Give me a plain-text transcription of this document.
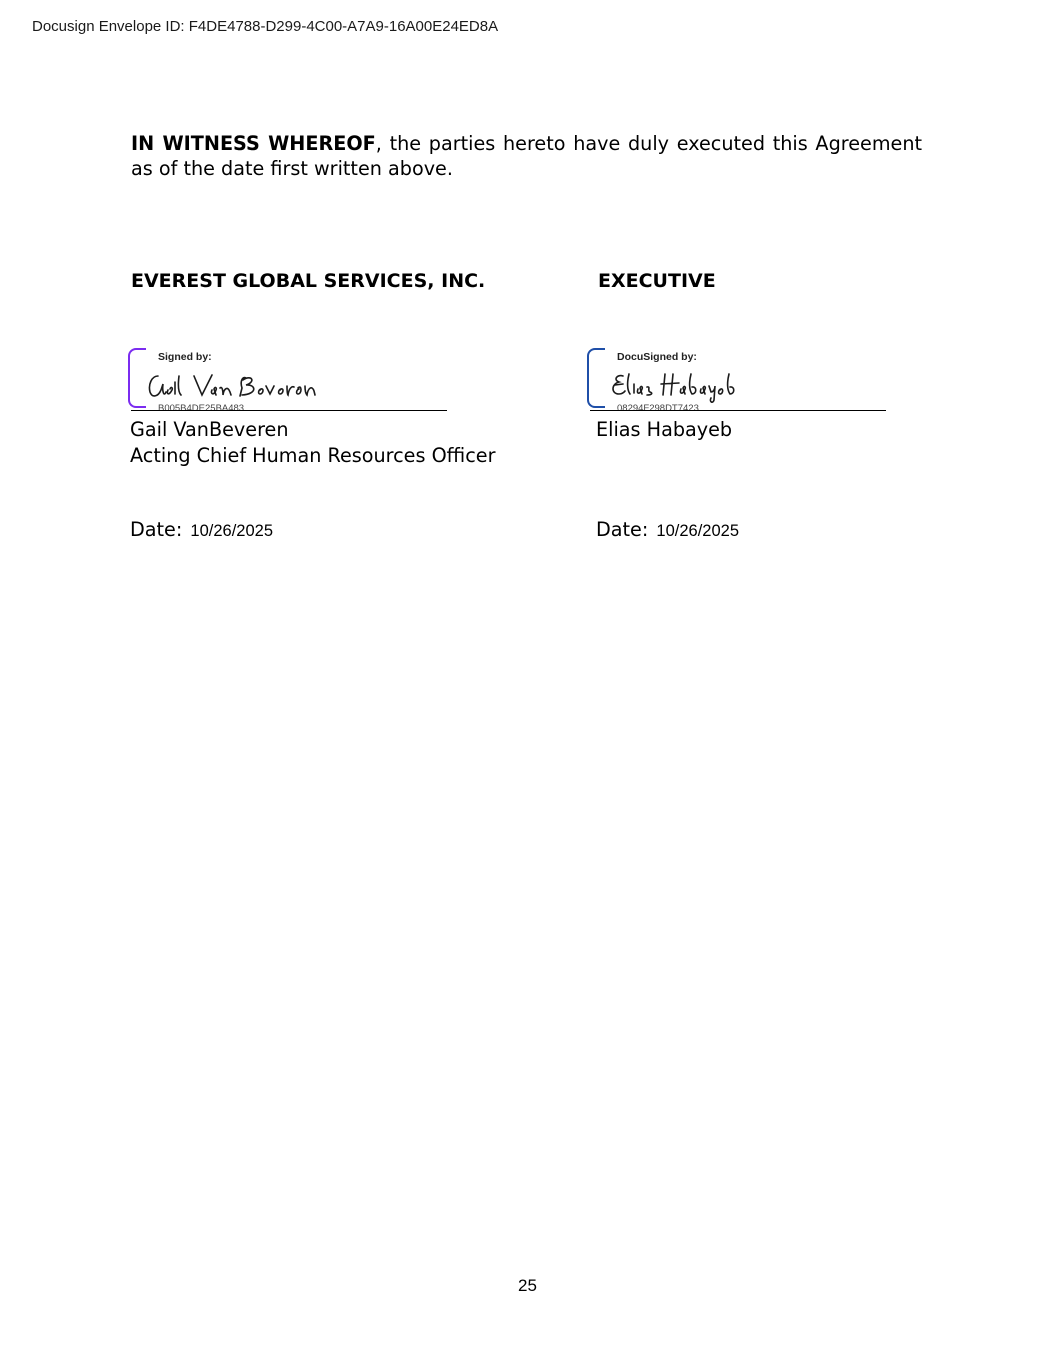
Docusign Envelope ID: F4DE4788-D299-4C00-A7A9-16A00E24ED8A

IN WITNESS WHEREOF, the parties hereto have duly executed this Agreement as of the date first written above.

EVEREST GLOBAL SERVICES, INC.	EXECUTIVE
Signed by:
B005B4DE25BA483...
DocuSigned by:
08294F298DT7423...
Gail VanBeveren
Acting Chief Human Resources Officer
Elias Habayeb
Date: 10/26/2025	Date: 10/26/2025
25
